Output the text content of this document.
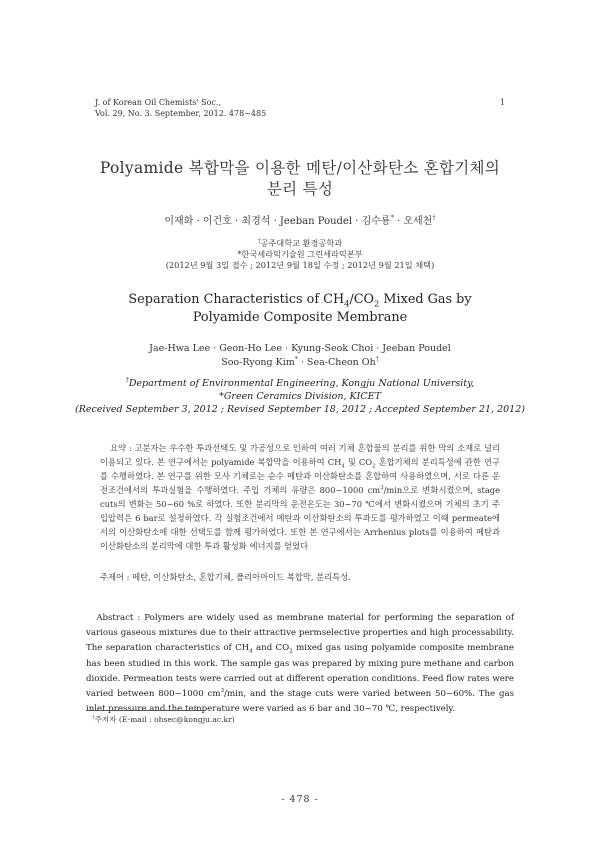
J. of Korean Oil Chemists' Soc.,
Vol. 29, No. 3. September, 2012. 478~485
1
Polyamide 복합막을 이용한 메탄/이산화탄소 혼합기체의
분리 특성
이재화 · 이건호 · 최경석 · Jeeban Poudel · 김수룡* · 오세천†
†공주대학교 환경공학과
*한국세라믹기술원 그린세라믹본부
(2012년 9월 3일 접수 ; 2012년 9월 18일 수정 ; 2012년 9월 21일 채택)
Separation Characteristics of $CH_4/CO_2$ Mixed Gas by
Polyamide Composite Membrane
Jae-Hwa Lee · Geon-Ho Lee · Kyung-Seok Choi · Jeeban Poudel
Soo-Ryong Kim* · Sea-Cheon Oh†
†Department of Environmental Engineering, Kongju National University,
*Green Ceramics Division, KICET
(Received September 3, 2012 ; Revised September 18, 2012 ; Accepted September 21, 2012)
요약 : 고분자는 우수한 투과선택도 및 가공성으로 인하여 여러 기체 혼합물의 분리를 위한 막의 소재로 널리 이용되고 있다. 본 연구에서는 polyamide 복합막을 이용하여 $CH_4$ 및 $CO_2$ 혼합기체의 분리특성에 관한 연구를 수행하였다. 본 연구를 위한 모사 기체로는 순수 메탄과 이산화탄소를 혼합하여 사용하였으며, 서로 다른 운전조건에서의 투과실험을 수행하였다. 주입 기체의 유량은 800~1000 $cm^3/\min$으로 변화시켰으며, stage cuts의 변화는 50~60 %로 하였다. 또한 분리막의 운전온도는 30~70 ℃에서 변화시켰으며 기체의 초기 주입압력은 6 bar로 설정하였다. 각 실험조건에서 메탄과 이산화탄소의 투과도를 평가하였고 이때 permeate에서의 이산화탄소에 대한 선택도를 함께 평가하였다. 또한 본 연구에서는 Arrhenius plots를 이용하여 메탄과 이산화탄소의 분리막에 대한 투과 활성화 에너지를 얻었다
주제어 : 메탄, 이산화탄소, 혼합기체, 폴리아마이드 복합막, 분리특성.
Abstract : Polymers are widely used as membrane material for performing the separation of various gaseous mixtures due to their attractive permselective properties and high processability. The separation characteristics of $CH_4$ and $CO_2$ mixed gas using polyamide composite membrane has been studied in this work. The sample gas was prepared by mixing pure methane and carbon dioxide. Permeation tests were carried out at different operation conditions. Feed flow rates were varied between 800~1000 $cm^3/\min$, and the stage cuts were varied between 50~60%. The gas inlet pressure and the temperature were varied as 6 bar and 30~70 ℃, respectively.
†주저자 (E-mail : ohsec@kongju.ac.kr)
- 478 -
